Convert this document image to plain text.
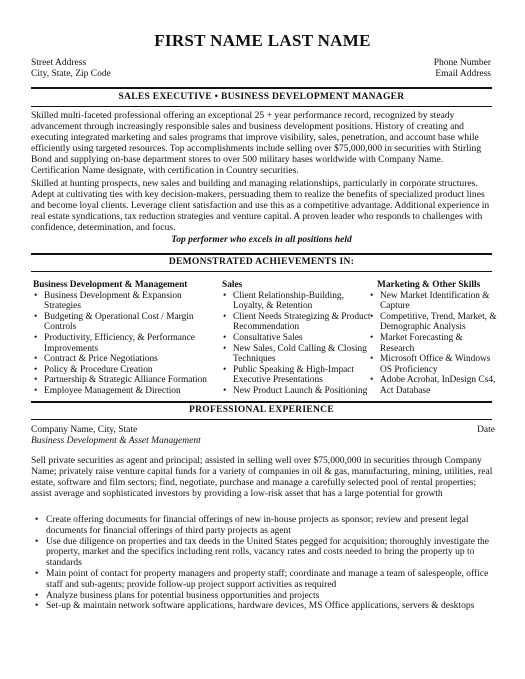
FIRST NAME LAST NAME
Street Address
City, State, Zip Code
Phone Number
Email Address
SALES EXECUTIVE • BUSINESS DEVELOPMENT MANAGER

Skilled multi-faceted professional offering an exceptional 25 + year performance record, recognized by steady advancement through increasingly responsible sales and business development positions. History of creating and executing integrated marketing and sales programs that improve visibility, sales, penetration, and account base while efficiently using targeted resources. Top accomplishments include selling over $75,000,000 in securities with Stirling Bond and supplying on-base department stores to over 500 military bases worldwide with Company Name. Certification Name designate, with certification in Country securities.

Skilled at hunting prospects, new sales and building and managing relationships, particularly in corporate structures. Adept at cultivating ties with key decision-makers, persuading them to realize the benefits of specialized product lines and become loyal clients. Leverage client satisfaction and use this as a competitive advantage. Additional experience in real estate syndications, tax reduction strategies and venture capital. A proven leader who responds to challenges with confidence, determination, and focus.

Top performer who excels in all positions held
DEMONSTRATED ACHIEVEMENTS IN:
Business Development & Management
• Business Development & Expansion Strategies
• Budgeting & Operational Cost / Margin Controls
• Productivity, Efficiency, & Performance Improvements
• Contract & Price Negotiations
• Policy & Procedure Creation
• Partnership & Strategic Alliance Formation
• Employee Management & Direction
Sales
• Client Relationship-Building, Loyalty, & Retention
• Client Needs Strategizing & Product Recommendation
• Consultative Sales
• New Sales, Cold Calling & Closing Techniques
• Public Speaking & High-Impact Executive Presentations
• New Product Launch & Positioning
Marketing & Other Skills
• New Market Identification & Capture
• Competitive, Trend, Market, & Demographic Analysis
• Market Forecasting & Research
• Microsoft Office & Windows OS Proficiency
• Adobe Acrobat, InDesign Cs4, Act Database
PROFESSIONAL EXPERIENCE
Company Name, City, State	Date
Business Development & Asset Management

Sell private securities as agent and principal; assisted in selling well over $75,000,000 in securities through Company Name; privately raise venture capital funds for a variety of companies in oil & gas, manufacturing, mining, utilities, real estate, software and film sectors; find, negotiate, purchase and manage a carefully selected pool of rental properties; assist average and sophisticated investors by providing a low-risk asset that has a large potential for growth

• Create offering documents for financial offerings of new in-house projects as sponsor; review and present legal documents for financial offerings of third party projects as agent
• Use due diligence on properties and tax deeds in the United States pegged for acquisition; thoroughly investigate the property, market and the specifics including rent rolls, vacancy rates and costs needed to bring the property up to standards
• Main point of contact for property managers and property staff; coordinate and manage a team of salespeople, office staff and sub-agents; provide follow-up project support activities as required
• Analyze business plans for potential business opportunities and projects
• Set-up & maintain network software applications, hardware devices, MS Office applications, servers & desktops
